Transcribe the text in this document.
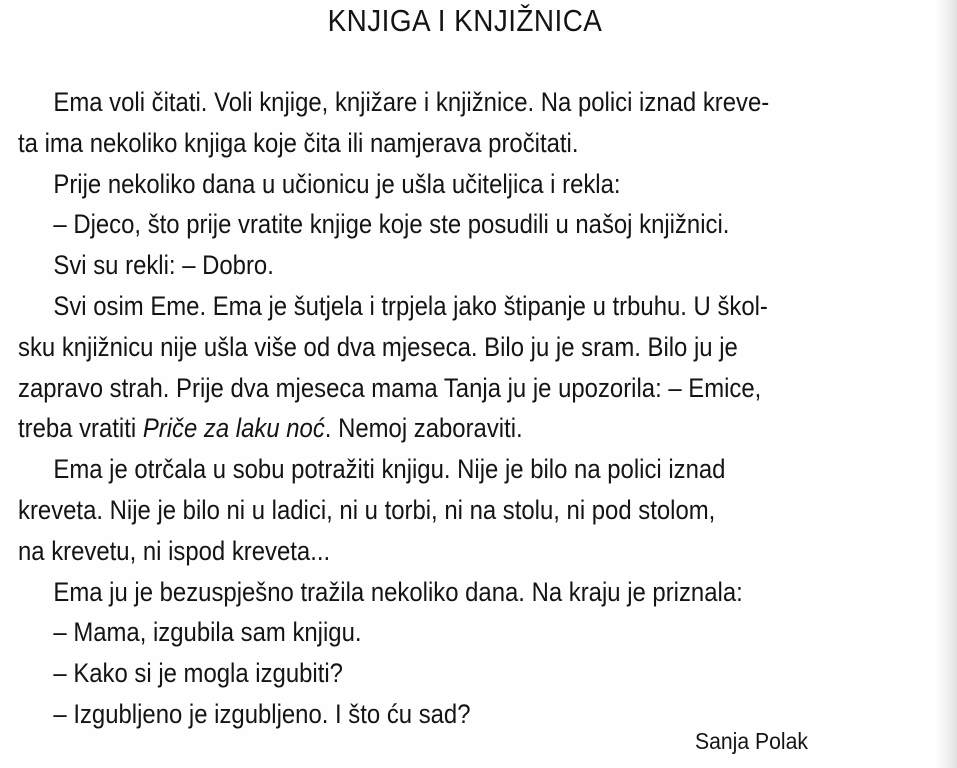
KNJIGA I KNJIŽNICA
Ema voli čitati. Voli knjige, knjižare i knjižnice. Na polici iznad kreve-
ta ima nekoliko knjiga koje čita ili namjerava pročitati.
Prije nekoliko dana u učionicu je ušla učiteljica i rekla:
– Djeco, što prije vratite knjige koje ste posudili u našoj knjižnici.
Svi su rekli: – Dobro.
Svi osim Eme. Ema je šutjela i trpjela jako štipanje u trbuhu. U škol-
sku knjižnicu nije ušla više od dva mjeseca. Bilo ju je sram. Bilo ju je
zapravo strah. Prije dva mjeseca mama Tanja ju je upozorila: – Emice,
treba vratiti Priče za laku noć. Nemoj zaboraviti.
Ema je otrčala u sobu potražiti knjigu. Nije je bilo na polici iznad
kreveta. Nije je bilo ni u ladici, ni u torbi, ni na stolu, ni pod stolom,
na krevetu, ni ispod kreveta...
Ema ju je bezuspješno tražila nekoliko dana. Na kraju je priznala:
– Mama, izgubila sam knjigu.
– Kako si je mogla izgubiti?
– Izgubljeno je izgubljeno. I što ću sad?
Sanja Polak
